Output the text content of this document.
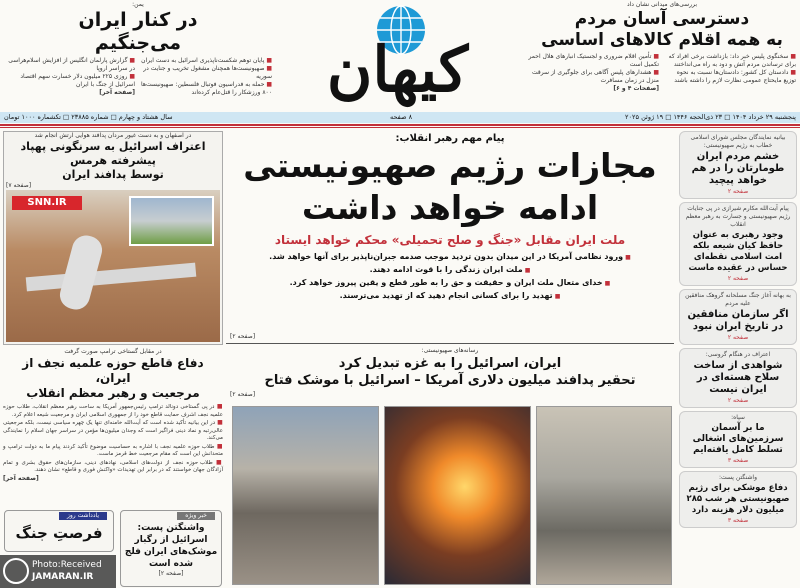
بررسی‌های میدانی نشان داد
دسترسی آسان مردم
به همه اقلام کالاهای اساسی
■ سخنگوی پلیس خبر داد: بازداشت برخی افراد که برای ترساندن مردم آتش و دود به راه می‌انداختند
■ دادستان کل کشور: دادستان‌ها نسبت به نحوه توزیع مایحتاج عمومی نظارت لازم را داشته باشند
■ تأمین اقلام ضروری و لجستیک انبارهای هلال احمر تکمیل است
■ هشدارهای پلیس آگاهی برای جلوگیری از سرقت منزل در زمان مسافرت
[صفحات ۴ و ۶]
کیهان
یمن:
در کنار ایران
می‌جنگیم
■ پایان توهم شکست‌ناپذیری اسرائیل به دست ایران
■ صهیونیست‌ها همچنان مشغول تخریب و جنایت در سوریه
■ حمله به فدراسیون فوتبال فلسطین: صهیونیست‌ها ۸۰۰ ورزشکار را قتل‌عام کرده‌اند
■ گزارش پارلمان انگلیس از افزایش اسلام‌هراسی در سراسر اروپا
■ روزی ۲۲۵ میلیون دلار خسارت سهم اقتصاد اسرائیل از جنگ با ایران
[صفحه آخر]
پنجشنبه ۲۹ خرداد ۱۴۰۴ □ ۲۳ ذی‌الحجه ۱۴۴۶ □ ۱۹ ژوئن ۲۰۲۵
۸ صفحه
سال هشتاد و چهارم □ شماره ۲۳۸۸۵ □ تکشماره ۱۰۰۰ تومان
بیانیه نمایندگان مجلس شورای اسلامی خطاب به رژیم صهیونیستی:
خشم مردم ایران طومارتان را در هم خواهد پیچید
صفحه ۲
پیام آیت‌الله مکارم شیرازی در پی جنایات رژیم صهیونیستی و جسارت به رهبر معظم انقلاب
وجود رهبری به عنوان حافظ کیان شیعه بلکه امت اسلامی نقطه‌ای حساس در عقیده ماست
صفحه ۲
به بهانه آغاز جنگ مسلحانه گروهک منافقین علیه مردم
اگر سازمان منافقین در تاریخ ایران نبود
صفحه ۲
اعتراف در هنگام گروسی:
شواهدی از ساخت سلاح هسته‌ای در ایران نیست
صفحه ۲
سپاه:
ما بر آسمان سرزمین‌های اشغالی تسلط کامل یافته‌ایم
صفحه ۳
واشنگتن پست:
دفاع موشکی برای رژیم صهیونیستی هر شب ۲۸۵ میلیون دلار هزینه دارد
صفحه ۳
پیام مهم رهبر انقلاب:
مجازات رژیم صهیونیستی
ادامه خواهد داشت
ملت ایران مقابل «جنگ و صلح تحمیلی» محکم خواهد ایستاد
■ ورود نظامی آمریکا در این میدان بدون تردید موجب صدمه جبران‌ناپذیر برای آنها خواهد شد.
■ ملت ایران زندگی را با قوت ادامه دهند.
■ خدای متعال ملت ایران و حقیقت و حق را به طور قطع و یقین پیروز خواهد کرد.
■ تهدید را برای کسانی انجام دهید که از تهدید می‌ترسند.
[صفحه ۲]
رسانه‌های صهیونیستی:
ایران، اسرائیل را به غزه تبدیل کرد
تحقیر پدافند میلیون دلاری آمریکا – اسرائیل با موشک فتاح
[صفحه ۲]
در اصفهان و به دست غیور مردان پدافند هوایی ارتش انجام شد
اعتراف اسرائیل به سرنگونی پهپاد پیشرفته هرمس
توسط پدافند ایران
[صفحه ۷]
SNN.IR
در مقابل گستاخی ترامپ صورت گرفت
دفاع قاطع حوزه علمیه نجف از ایران،
مرجعیت و رهبر معظم انقلاب
■ در پی گستاخی دونالد ترامپ رئیس‌جمهور آمریکا به ساحت رهبر معظم انقلاب، طلاب حوزه علمیه نجف اشرف حمایت قاطع خود را از جمهوری اسلامی ایران و مرجعیت شیعه اعلام کرد.
■ در این بیانیه تأکید شده است که آیت‌الله خامنه‌ای تنها یک چهره سیاسی نیست، بلکه مرجعیتی عالی‌رتبه و نماد دینی فراگیر است که وجدان میلیون‌ها مؤمن در سراسر جهان اسلام را نمایندگی می‌کند.
■ طلاب حوزه علمیه نجف با اشاره به حساسیت موضوع تأکید کردند پیام ما به دولت ترامپ و متحدانش این است که مقام مرجعیت خط قرمز ماست.
■ طلاب حوزه نجف از دولت‌های اسلامی، نهادهای دینی، سازمان‌های حقوق بشری و تمام آزادگان جهان خواستند که در برابر این تهدیدات «واکنش فوری و قاطع» نشان دهند.
[صفحه آخر]
خبر ویژه
واشنگتن پست: اسرائیل از رگبار موشک‌های ایران فلج شده است
[صفحه ۲]
یادداشت روز
فرصتِ جنگ
Photo:Received
JAMARAN.IR
